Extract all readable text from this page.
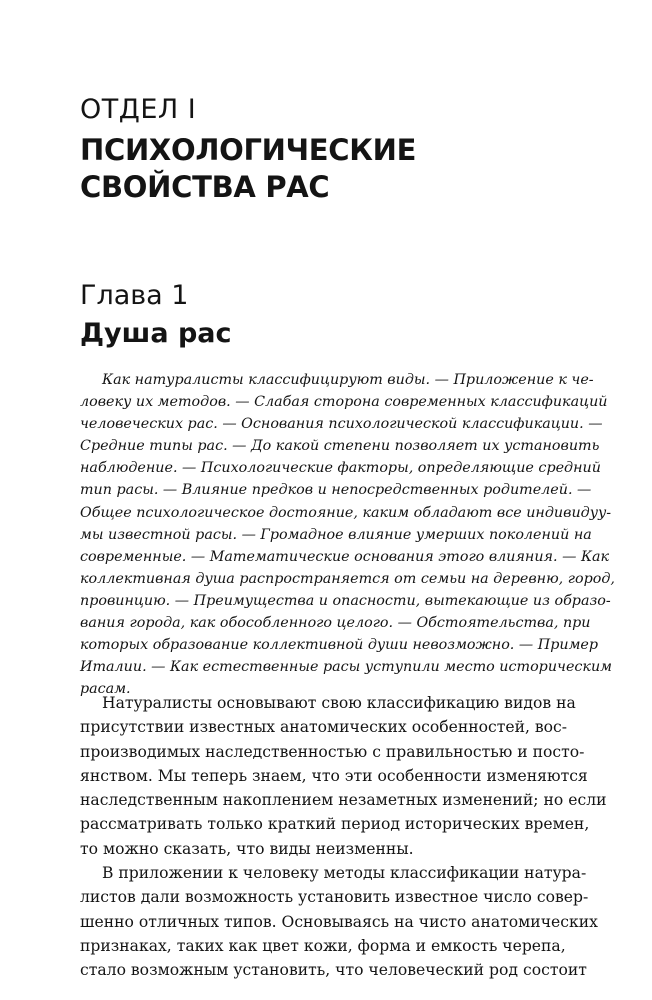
ОТДЕЛ I
ПСИХОЛОГИЧЕСКИЕ
СВОЙСТВА РАС
Глава 1
Душа рас
Как натуралисты классифицируют виды. — Приложение к че-
ловеку их методов. — Слабая сторона современных классификаций
человеческих рас. — Основания психологической классификации. —
Средние типы рас. — До какой степени позволяет их установить
наблюдение. — Психологические факторы, определяющие средний
тип расы. — Влияние предков и непосредственных родителей. —
Общее психологическое достояние, каким обладают все индивидуу-
мы известной расы. — Громадное влияние умерших поколений на
современные. — Математические основания этого влияния. — Как
коллективная душа распространяется от семьи на деревню, город,
провинцию. — Преимущества и опасности, вытекающие из образо-
вания города, как обособленного целого. — Обстоятельства, при
которых образование коллективной души невозможно. — Пример
Италии. — Как естественные расы уступили место историческим
расам.
Натуралисты основывают свою классификацию видов на
присутствии известных анатомических особенностей, вос-
производимых наследственностью с правильностью и посто-
янством. Мы теперь знаем, что эти особенности изменяются
наследственным накоплением незаметных изменений; но если
рассматривать только краткий период исторических времен,
то можно сказать, что виды неизменны.
В приложении к человеку методы классификации натура-
листов дали возможность установить известное число совер-
шенно отличных типов. Основываясь на чисто анатомических
признаках, таких как цвет кожи, форма и емкость черепа,
стало возможным установить, что человеческий род состоит
